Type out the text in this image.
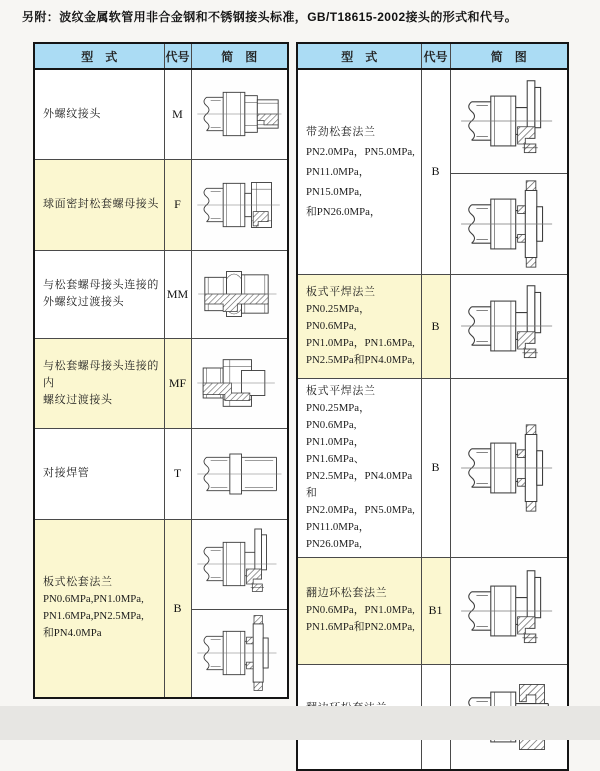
另附：波纹金属软管用非合金钢和不锈钢接头标准，GB/T18615-2002接头的形式和代号。
型　式	代号	简　图

外螺纹接头	M	

球面密封松套螺母接头	F	

与松套螺母接头连接的
外螺纹过渡接头	MM	

与松套螺母接头连接的内
螺纹过渡接头	MF	

对接焊管	T	

板式松套法兰
PN0.6MPa,PN1.0MPa,
PN1.6MPa,PN2.5MPa,
和PN4.0MPa	B	

型　式	代号	简　图

带劲松套法兰
PN2.0MPa，PN5.0MPa,
PN11.0MPa，PN15.0MPa,
和PN26.0MPa，	B	

板式平焊法兰
PN0.25MPa，PN0.6MPa,
PN1.0MPa，PN1.6MPa,
PN2.5MPa和PN4.0MPa,	B	

板式平焊法兰
PN0.25MPa，PN0.6MPa,
PN1.0MPa，PN1.6MPa、
PN2.5MPa，PN4.0MPa和
PN2.0MPa，PN5.0MPa,
PN11.0MPa，PN26.0MPa,
	B	

翻边环松套法兰
PN0.6MPa，PN1.0MPa,
PN1.6MPa和PN2.0MPa,	B1	
